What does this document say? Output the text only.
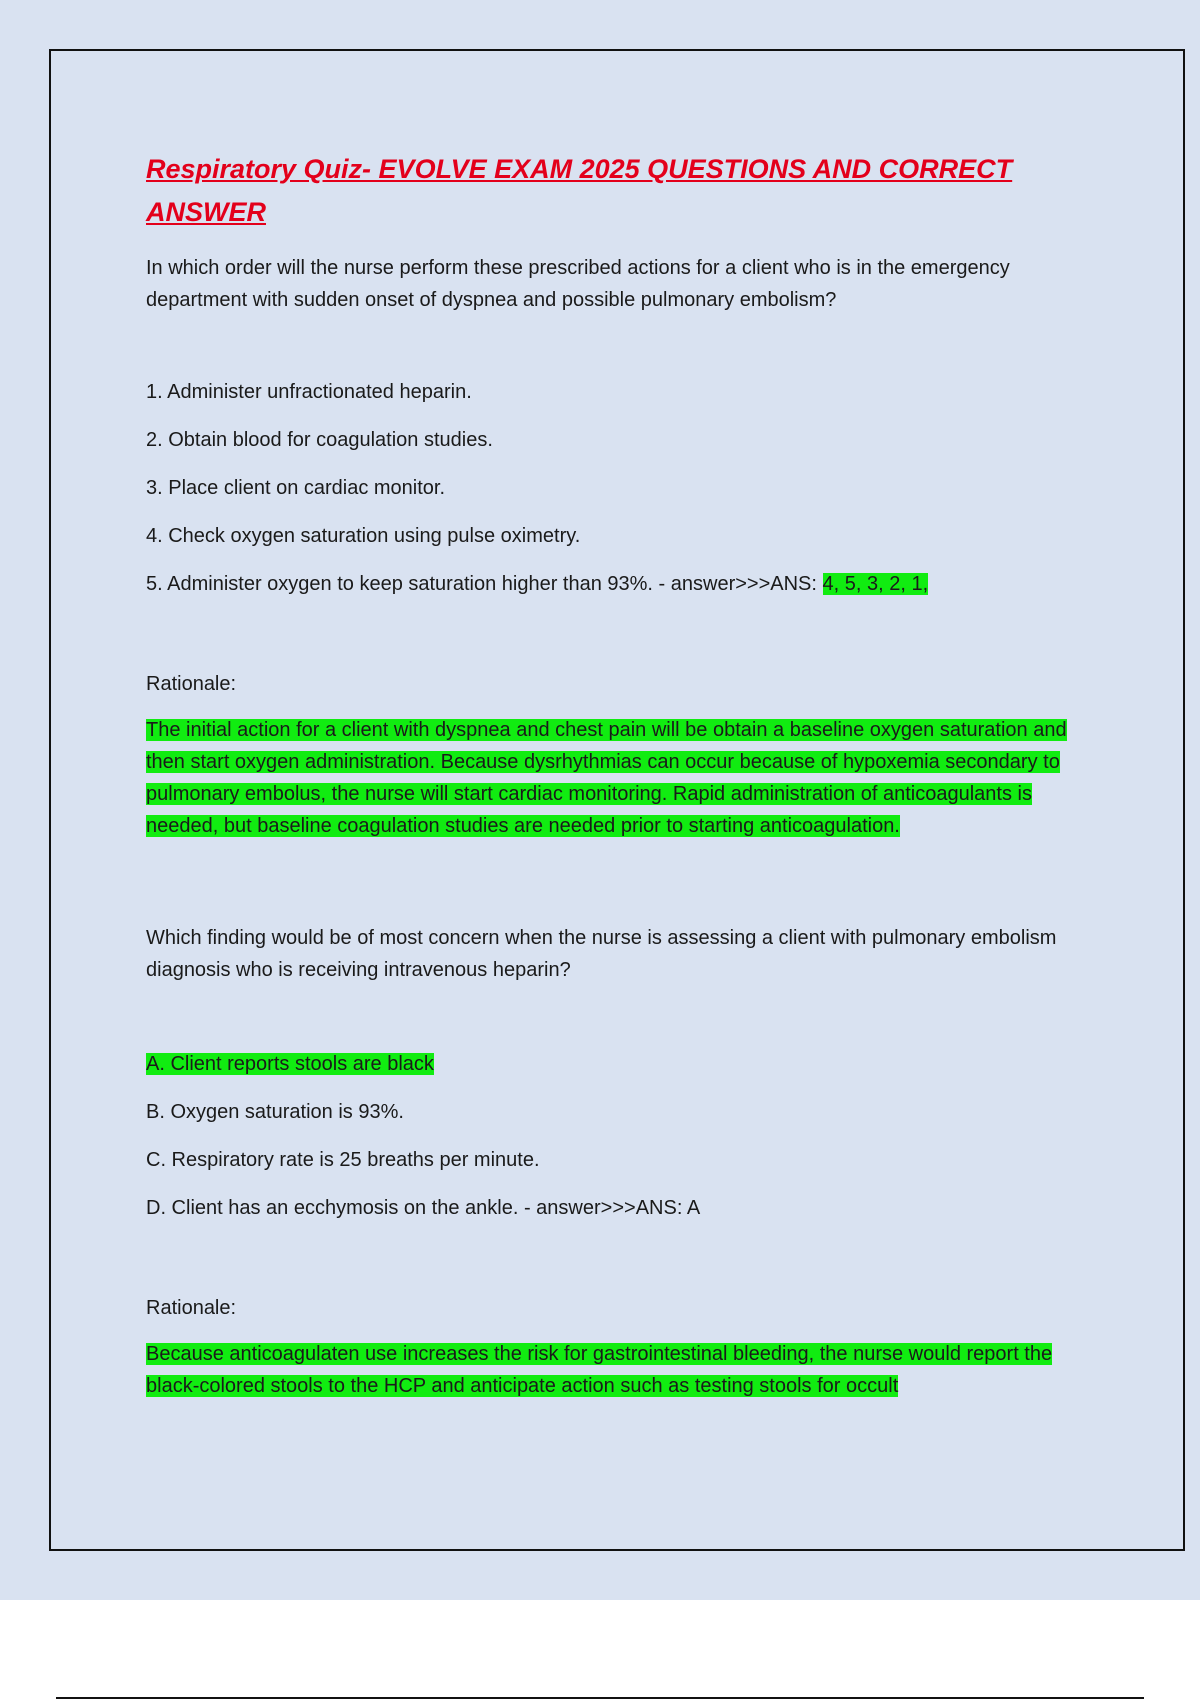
Respiratory Quiz- EVOLVE EXAM 2025 QUESTIONS AND CORRECT ANSWER

In which order will the nurse perform these prescribed actions for a client who is in the emergency department with sudden onset of dyspnea and possible pulmonary embolism?

1. Administer unfractionated heparin.

2. Obtain blood for coagulation studies.

3. Place client on cardiac monitor.

4. Check oxygen saturation using pulse oximetry.

5. Administer oxygen to keep saturation higher than 93%. - answer>>>ANS: 4, 5, 3, 2, 1,

Rationale:

The initial action for a client with dyspnea and chest pain will be obtain a baseline oxygen saturation and then start oxygen administration. Because dysrhythmias can occur because of hypoxemia secondary to pulmonary embolus, the nurse will start cardiac monitoring. Rapid administration of anticoagulants is needed, but baseline coagulation studies are needed prior to starting anticoagulation.

Which finding would be of most concern when the nurse is assessing a client with pulmonary embolism diagnosis who is receiving intravenous heparin?

A. Client reports stools are black

B. Oxygen saturation is 93%.

C. Respiratory rate is 25 breaths per minute.

D. Client has an ecchymosis on the ankle. - answer>>>ANS: A

Rationale:

Because anticoagulaten use increases the risk for gastrointestinal bleeding, the nurse would report the black-colored stools to the HCP and anticipate action such as testing stools for occult
